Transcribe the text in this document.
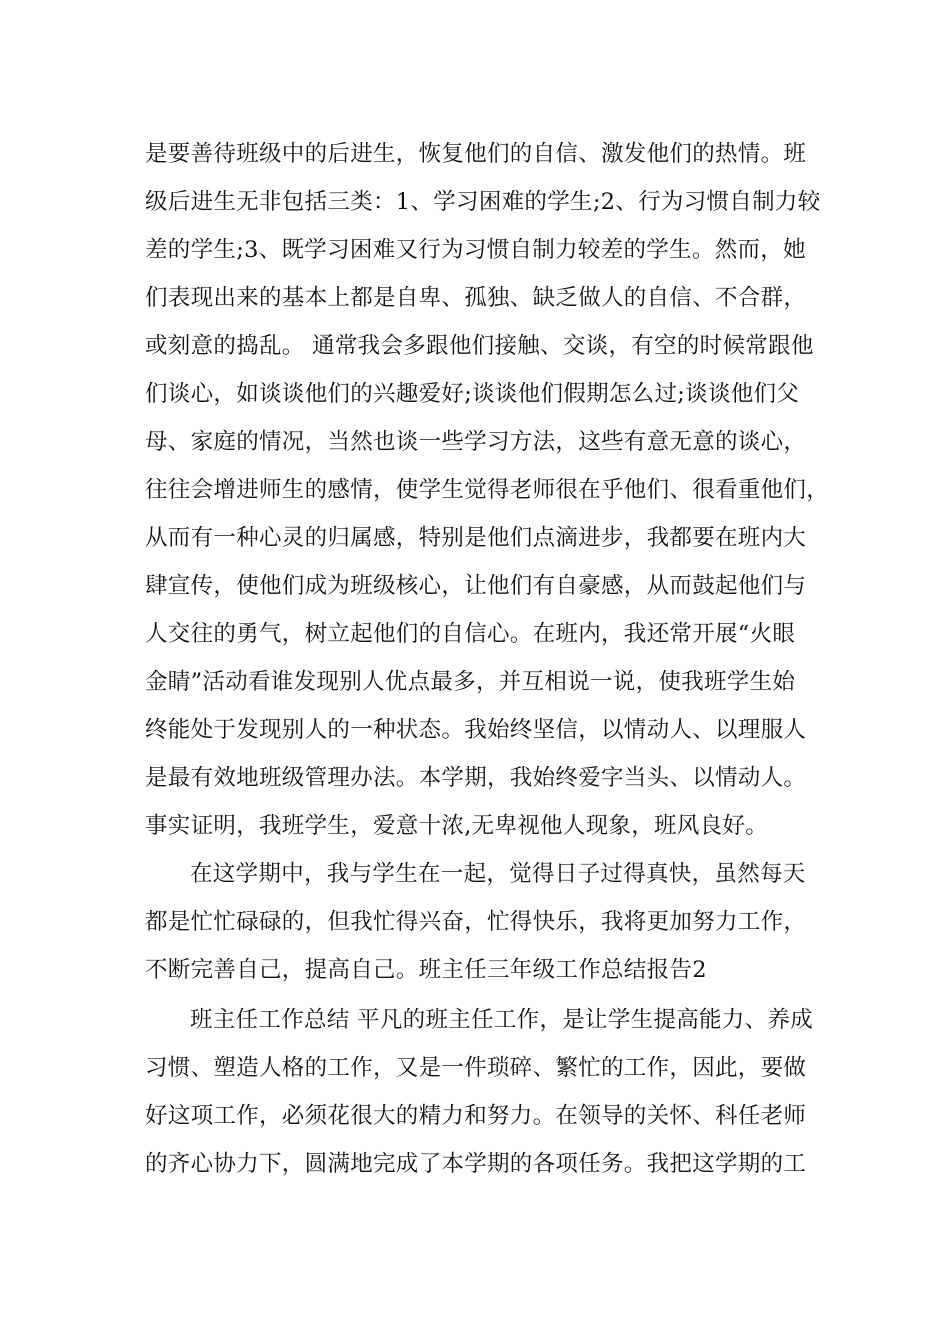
是要善待班级中的后进生，恢复他们的自信、激发他们的热情。班
级后进生无非包括三类：1、学习困难的学生;2、行为习惯自制力较
差的学生;3、既学习困难又行为习惯自制力较差的学生。然而，她
们表现出来的基本上都是自卑、孤独、缺乏做人的自信、不合群，
或刻意的捣乱。 通常我会多跟他们接触、交谈，有空的时候常跟他
们谈心，如谈谈他们的兴趣爱好;谈谈他们假期怎么过;谈谈他们父
母、家庭的情况，当然也谈一些学习方法，这些有意无意的谈心，
往往会增进师生的感情，使学生觉得老师很在乎他们、很看重他们，
从而有一种心灵的归属感，特别是他们点滴进步，我都要在班内大
肆宣传，使他们成为班级核心，让他们有自豪感，从而鼓起他们与
人交往的勇气，树立起他们的自信心。在班内，我还常开展“火眼
金睛”活动看谁发现别人优点最多，并互相说一说，使我班学生始
终能处于发现别人的一种状态。我始终坚信，以情动人、以理服人
是最有效地班级管理办法。本学期，我始终爱字当头、以情动人。
事实证明，我班学生，爱意十浓,无卑视他人现象，班风良好。
在这学期中，我与学生在一起，觉得日子过得真快，虽然每天
都是忙忙碌碌的，但我忙得兴奋，忙得快乐，我将更加努力工作，
不断完善自己，提高自己。班主任三年级工作总结报告2
班主任工作总结 平凡的班主任工作，是让学生提高能力、养成
习惯、塑造人格的工作，又是一件琐碎、繁忙的工作，因此，要做
好这项工作，必须花很大的精力和努力。在领导的关怀、科任老师
的齐心协力下，圆满地完成了本学期的各项任务。我把这学期的工
